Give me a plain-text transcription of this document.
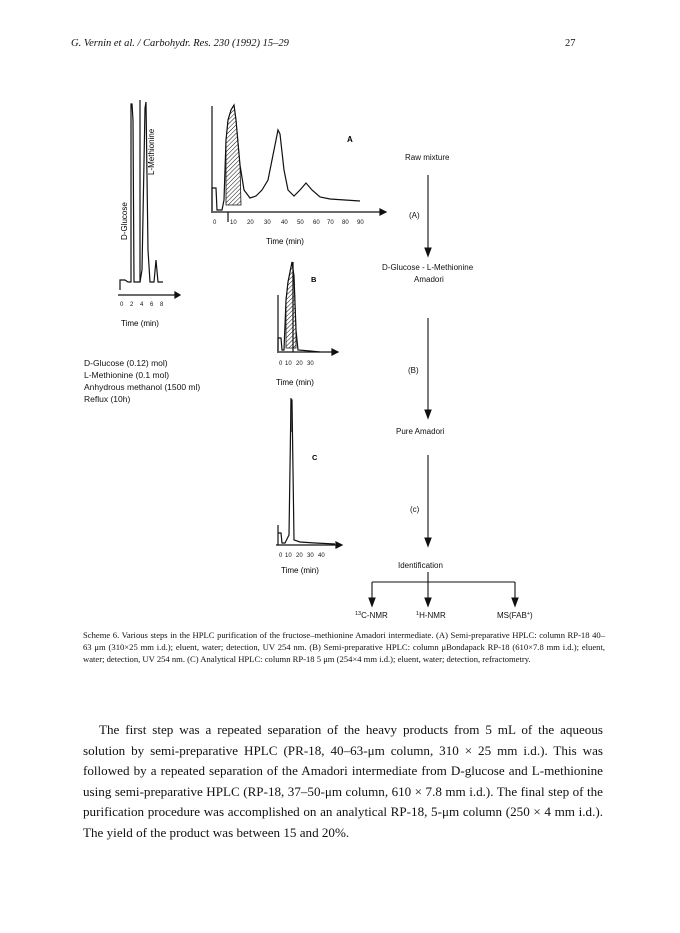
G. Vernin et al. / Carbohydr. Res. 230 (1992) 15–29	27
D-Glucose
L-Methionine
0 2 4 6 8
Time (min)
A
0 10 20 30 40 50 60 70 80 90
Time (min)
B
0 10 20 30
Time (min)
C
0 10 20 30 40
Time (min)
Raw mixture
(A)
D-Glucose - L-Methionine
Amadori
(B)
Pure Amadori
(c)
Identification
$^{13}$C-NMR	$^1$H-NMR	MS(FAB+)
D-Glucose (0.12) mol)
L-Methionine (0.1 mol)
Anhydrous methanol (1500 ml)
Reflux (10h)
Scheme 6. Various steps in the HPLC purification of the fructose–methionine Amadori intermediate. (A) Semi-preparative HPLC: column RP-18 40–63 μm (310×25 mm i.d.); eluent, water; detection, UV 254 nm. (B) Semi-preparative HPLC: column μBondapack RP-18 (610×7.8 mm i.d.); eluent, water; detection, UV 254 nm. (C) Analytical HPLC: column RP-18 5 μm (254×4 mm i.d.); eluent, water; detection, refractometry.
The first step was a repeated separation of the heavy products from 5 mL of the aqueous solution by semi-preparative HPLC (PR-18, 40–63-μm column, 310 × 25 mm i.d.). This was followed by a repeated separation of the Amadori intermediate from D-glucose and L-methionine using semi-preparative HPLC (RP-18, 37–50-μm column, 610 × 7.8 mm i.d.). The final step of the purification procedure was accomplished on an analytical RP-18, 5-μm column (250 × 4 mm i.d.). The yield of the product was between 15 and 20%.
